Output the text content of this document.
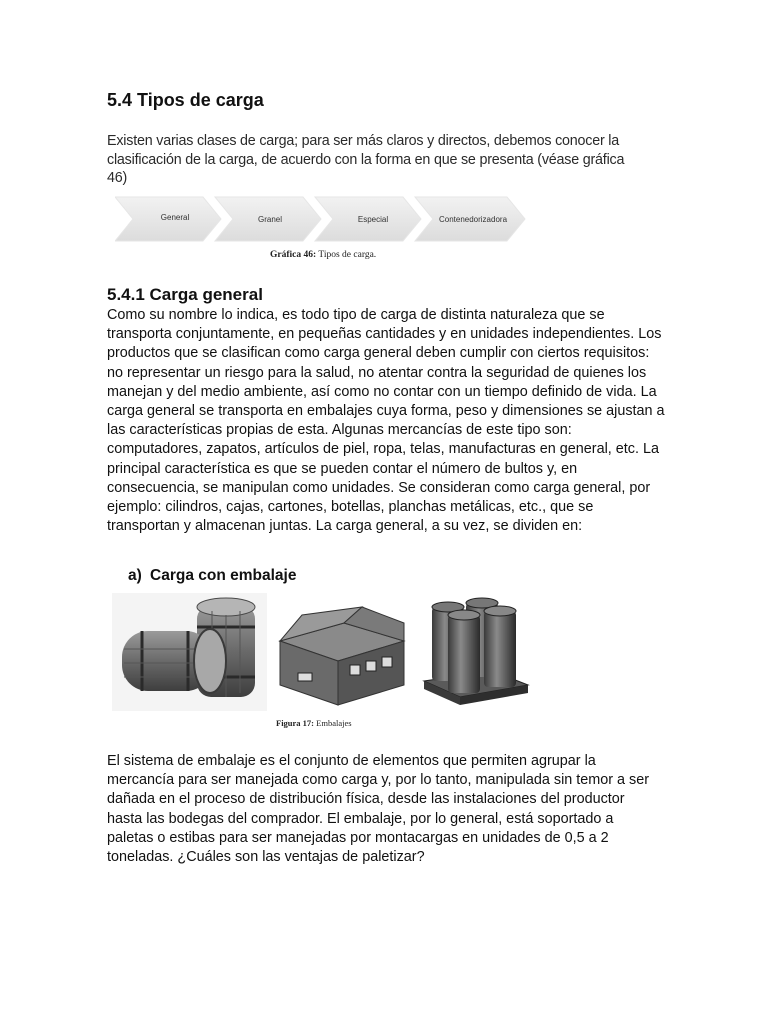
5.4 Tipos de carga
Existen varias clases de carga; para ser más claros y directos, debemos conocer la clasificación de la carga, de acuerdo con la forma en que se presenta (véase gráfica 46)
General	Granel	Especial	Contenedorizadora
Gráfica 46: Tipos de carga.
5.4.1 Carga general
Como su nombre lo indica, es todo tipo de carga de distinta naturaleza que se transporta conjuntamente, en pequeñas cantidades y en unidades independientes. Los productos que se clasifican como carga general deben cumplir con ciertos requisitos: no representar un riesgo para la salud, no atentar contra la seguridad de quienes los manejan y del medio ambiente, así como no contar con un tiempo definido de vida. La carga general se transporta en embalajes cuya forma, peso y dimensiones se ajustan a las características propias de esta. Algunas mercancías de este tipo son: computadores, zapatos, artículos de piel, ropa, telas, manufacturas en general, etc. La principal característica es que se pueden contar el número de bultos y, en consecuencia, se manipulan como unidades. Se consideran como carga general, por ejemplo: cilindros, cajas, cartones, botellas, planchas metálicas, etc., que se transportan y almacenan juntas. La carga general, a su vez, se dividen en:
a) Carga con embalaje
Figura 17: Embalajes
El sistema de embalaje es el conjunto de elementos que permiten agrupar la mercancía para ser manejada como carga y, por lo tanto, manipulada sin temor a ser dañada en el proceso de distribución física, desde las instalaciones del productor hasta las bodegas del comprador. El embalaje, por lo general, está soportado a paletas o estibas para ser manejadas por montacargas en unidades de 0,5 a 2 toneladas. ¿Cuáles son las ventajas de paletizar?
